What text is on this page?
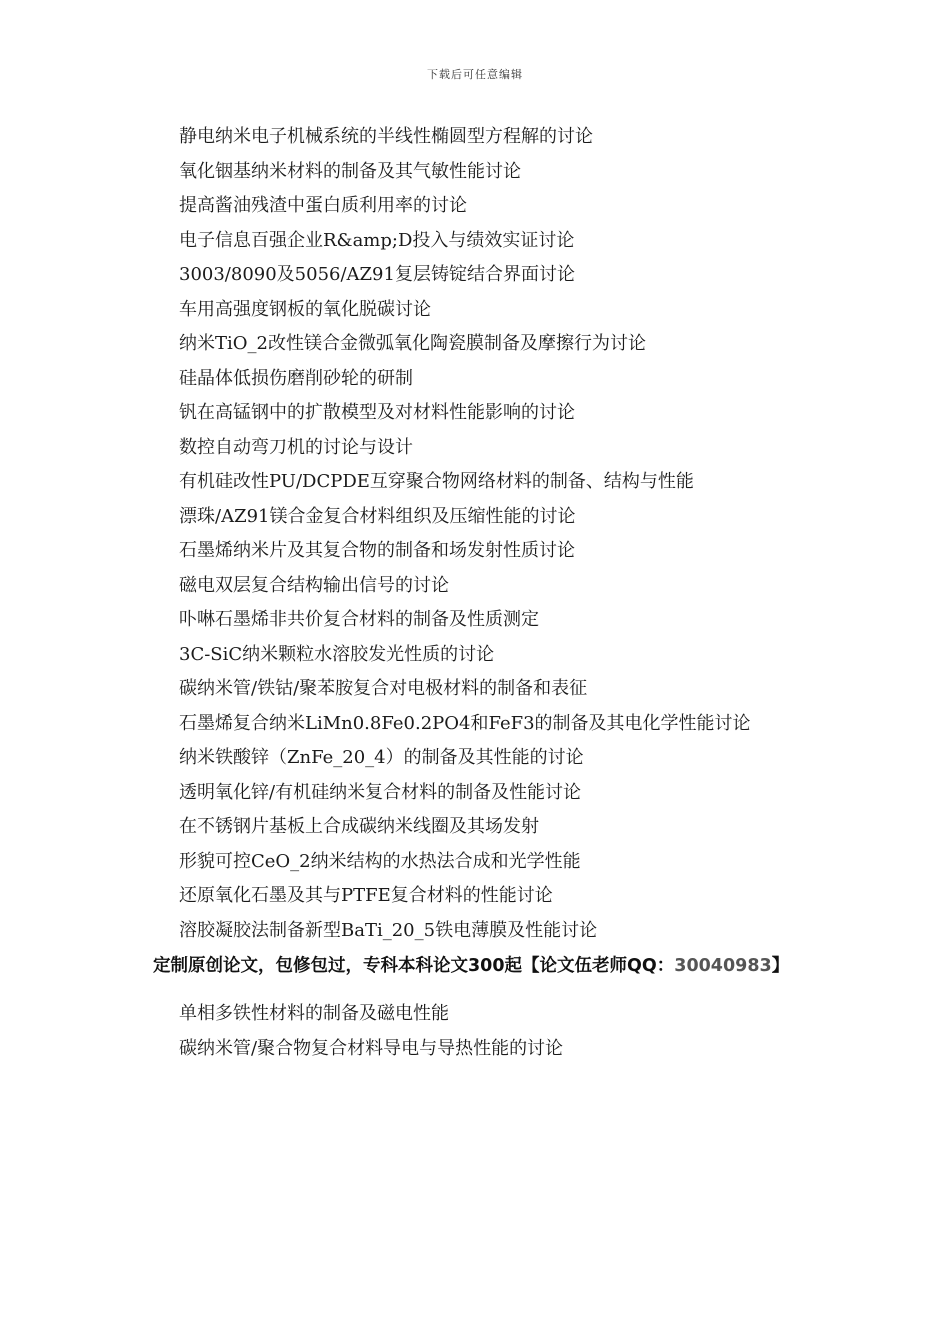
下载后可任意编辑
静电纳米电子机械系统的半线性椭圆型方程解的讨论
氧化铟基纳米材料的制备及其气敏性能讨论
提高酱油残渣中蛋白质利用率的讨论
电子信息百强企业R&amp;D投入与绩效实证讨论
3003/8090及5056/AZ91复层铸锭结合界面讨论
车用高强度钢板的氧化脱碳讨论
纳米TiO_2改性镁合金微弧氧化陶瓷膜制备及摩擦行为讨论
硅晶体低损伤磨削砂轮的研制
钒在高锰钢中的扩散模型及对材料性能影响的讨论
数控自动弯刀机的讨论与设计
有机硅改性PU/DCPDE互穿聚合物网络材料的制备、结构与性能
漂珠/AZ91镁合金复合材料组织及压缩性能的讨论
石墨烯纳米片及其复合物的制备和场发射性质讨论
磁电双层复合结构输出信号的讨论
卟啉石墨烯非共价复合材料的制备及性质测定
3C-SiC纳米颗粒水溶胶发光性质的讨论
碳纳米管/铁钴/聚苯胺复合对电极材料的制备和表征
石墨烯复合纳米LiMn0.8Fe0.2PO4和FeF3的制备及其电化学性能讨论
纳米铁酸锌（ZnFe_20_4）的制备及其性能的讨论
透明氧化锌/有机硅纳米复合材料的制备及性能讨论
在不锈钢片基板上合成碳纳米线圈及其场发射
形貌可控CeO_2纳米结构的水热法合成和光学性能
还原氧化石墨及其与PTFE复合材料的性能讨论
溶胶凝胶法制备新型BaTi_20_5铁电薄膜及性能讨论
定制原创论文，包修包过，专科本科论文300起【论文伍老师QQ：30040983】
单相多铁性材料的制备及磁电性能
碳纳米管/聚合物复合材料导电与导热性能的讨论
